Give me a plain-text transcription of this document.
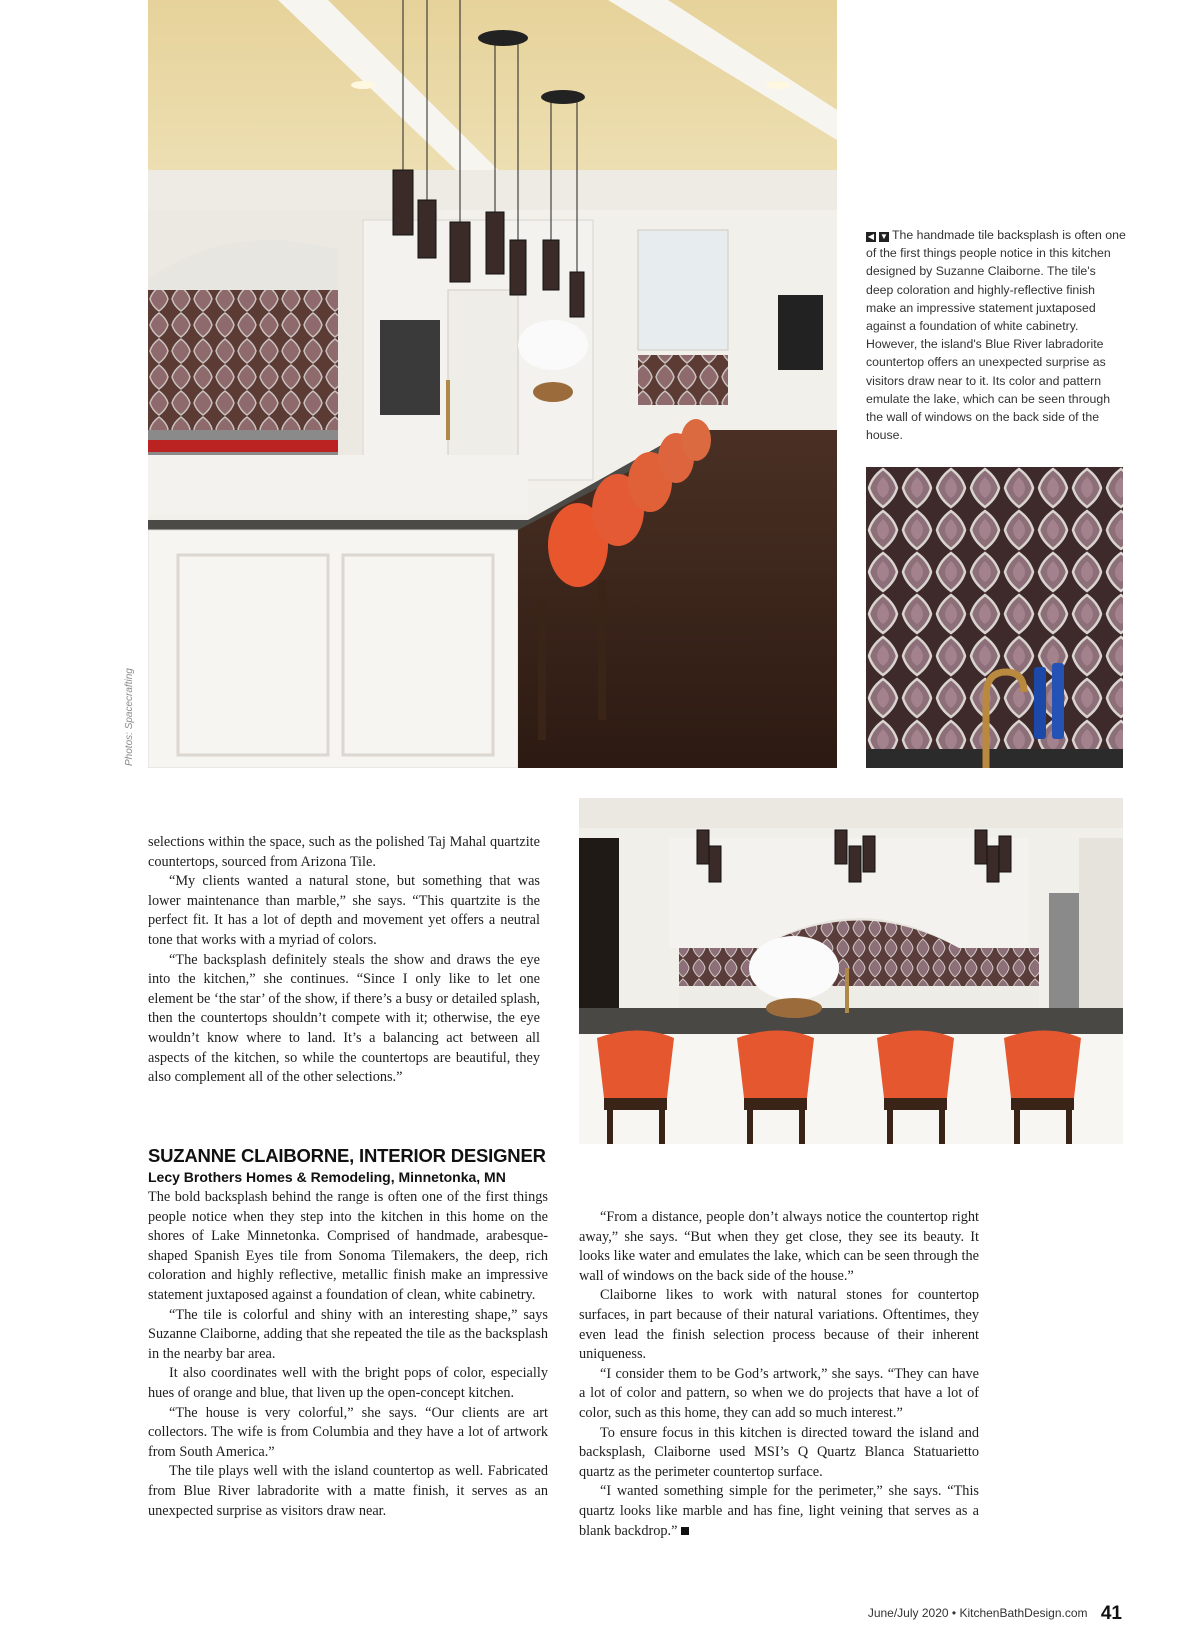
Photos: Spacecrafting
◀ ▼ The handmade tile backsplash is often one of the first things people notice in this kitchen designed by Suzanne Claiborne. The tile's deep coloration and highly-reflective finish make an impressive statement juxtaposed against a foundation of white cabinetry. However, the island's Blue River labradorite countertop offers an unexpected surprise as visitors draw near to it. Its color and pattern emulate the lake, which can be seen through the wall of windows on the back side of the house.

selections within the space, such as the polished Taj Mahal quartzite countertops, sourced from Arizona Tile.

“My clients wanted a natural stone, but something that was lower maintenance than marble,” she says. “This quartzite is the perfect fit. It has a lot of depth and movement yet offers a neutral tone that works with a myriad of colors.

“The backsplash definitely steals the show and draws the eye into the kitchen,” she continues. “Since I only like to let one element be ‘the star’ of the show, if there’s a busy or detailed splash, then the countertops shouldn’t compete with it; otherwise, the eye wouldn’t know where to land. It’s a balancing act between all aspects of the kitchen, so while the countertops are beautiful, they also complement all of the other selections.”

SUZANNE CLAIBORNE, INTERIOR DESIGNER
Lecy Brothers Homes & Remodeling, Minnetonka, MN

The bold backsplash behind the range is often one of the first things people notice when they step into the kitchen in this home on the shores of Lake Minnetonka. Comprised of handmade, arabesque-shaped Spanish Eyes tile from Sonoma Tilemakers, the deep, rich coloration and highly reflective, metallic finish make an impressive statement juxtaposed against a foundation of clean, white cabinetry.

“The tile is colorful and shiny with an interesting shape,” says Suzanne Claiborne, adding that she repeated the tile as the backsplash in the nearby bar area.

It also coordinates well with the bright pops of color, especially hues of orange and blue, that liven up the open-concept kitchen.

“The house is very colorful,” she says. “Our clients are art collectors. The wife is from Columbia and they have a lot of artwork from South America.”

The tile plays well with the island countertop as well. Fabricated from Blue River labradorite with a matte finish, it serves as an unexpected surprise as visitors draw near.

“From a distance, people don’t always notice the countertop right away,” she says. “But when they get close, they see its beauty. It looks like water and emulates the lake, which can be seen through the wall of windows on the back side of the house.”

Claiborne likes to work with natural stones for countertop surfaces, in part because of their natural variations. Oftentimes, they even lead the finish selection process because of their inherent uniqueness.

“I consider them to be God’s artwork,” she says. “They can have a lot of color and pattern, so when we do projects that have a lot of color, such as this home, they can add so much interest.”

To ensure focus in this kitchen is directed toward the island and backsplash, Claiborne used MSI’s Q Quartz Blanca Statuarietto quartz as the perimeter countertop surface.

“I wanted something simple for the perimeter,” she says. “This quartz looks like marble and has fine, light veining that serves as a blank backdrop.”

June/July 2020 • KitchenBathDesign.com 41
